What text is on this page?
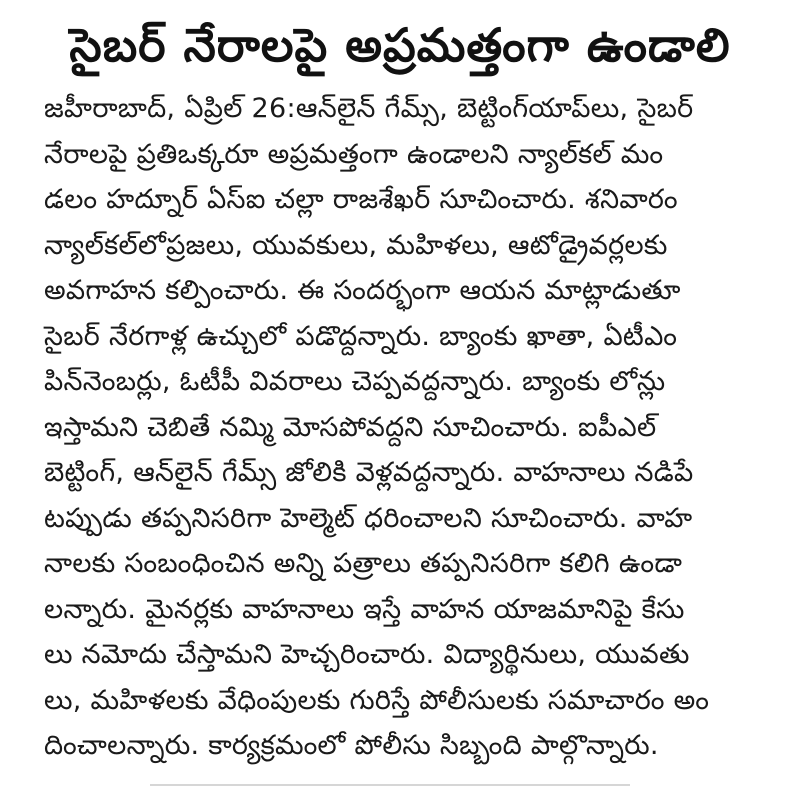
సైబర్ నేరాలపై అప్రమత్తంగా ఉండాలి
జహీరాబాద్, ఏప్రిల్ 26:ఆన్‌లైన్ గేమ్స్, బెట్టింగ్‌యాప్‌లు, సైబర్
నేరాలపై ప్రతిఒక్కరూ అప్రమత్తంగా ఉండాలని న్యాల్‌కల్ మం
డలం హద్నూర్ ఏస్ఐ చల్లా రాజశేఖర్ సూచించారు. శనివారం
న్యాల్‌కల్‌లోప్రజలు, యువకులు, మహిళలు, ఆటోడ్రైవర్లలకు
అవగాహన కల్పించారు. ఈ సందర్భంగా ఆయన మాట్లాడుతూ
సైబర్ నేరగాళ్ల ఉచ్చులో పడొద్దన్నారు. బ్యాంకు ఖాతా, ఏటీఎం
పిన్‌నెంబర్లు, ఓటీపీ వివరాలు చెప్పవద్దన్నారు. బ్యాంకు లోన్లు
ఇస్తామని చెబితే నమ్మి మోసపోవద్దని సూచించారు. ఐపీఎల్
బెట్టింగ్, ఆన్‌లైన్ గేమ్స్ జోలికి వెళ్లవద్దన్నారు. వాహనాలు నడిపే
టప్పుడు తప్పనిసరిగా హెల్మెట్ ధరించాలని సూచించారు. వాహ
నాలకు సంబంధించిన అన్ని పత్రాలు తప్పనిసరిగా కలిగి ఉండా
లన్నారు. మైనర్లకు వాహనాలు ఇస్తే వాహన యాజమానిపై కేసు
లు నమోదు చేస్తామని హెచ్చరించారు. విద్యార్థినులు, యువతు
లు, మహిళలకు వేధింపులకు గురిస్తే పోలీసులకు సమాచారం అం
దించాలన్నారు. కార్యక్రమంలో పోలీసు సిబ్బంది పాల్గొన్నారు.
